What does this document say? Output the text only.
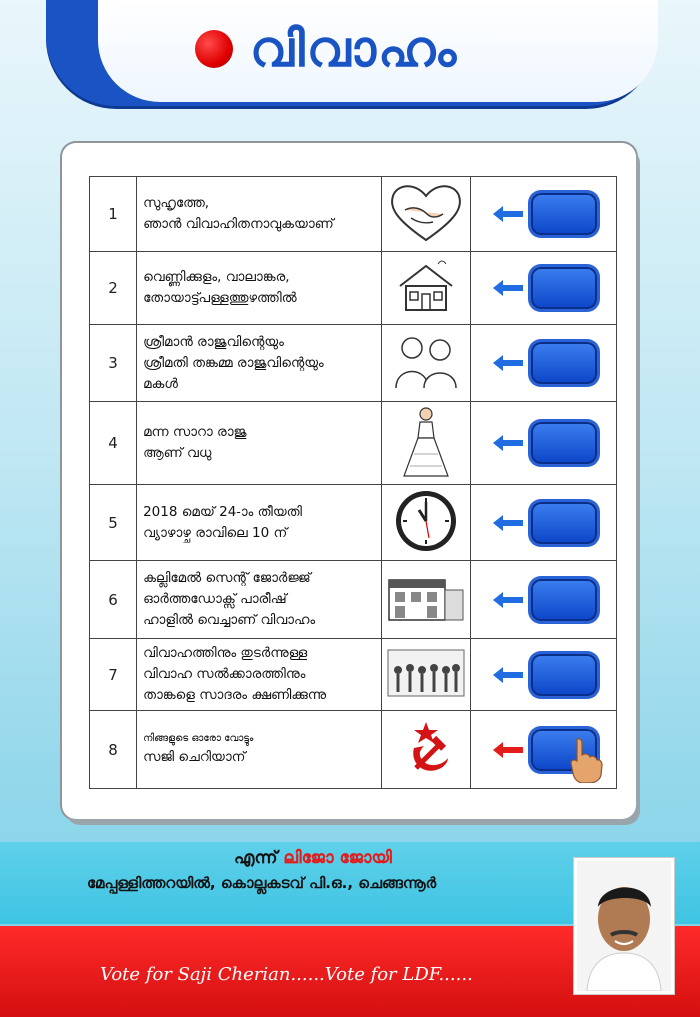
വിവാഹം
1	സുഹൃത്തേ,
ഞാൻ വിവാഹിതനാവുകയാണ്

2	വെണ്ണിക്കുളം, വാലാങ്കര,
തോയാട്ട്പള്ളത്തുഴത്തിൽ

3	ശ്രീമാൻ രാജുവിന്റെയും
ശ്രീമതി തങ്കമ്മ രാജുവിന്റെയും
മകൾ

4	മന്ന സാറാ രാജു
ആണ് വധു

5	2018 മെയ് 24-ാം തീയതി
വ്യാഴാഴ്ച രാവിലെ 10 ന്

6	കല്ലിമേൽ സെന്റ് ജോർജ്ജ്
ഓർത്തഡോക്സ് പാരീഷ്
ഹാളിൽ വെച്ചാണ് വിവാഹം

7	വിവാഹത്തിനും തുടർന്നുള്ള
വിവാഹ സൽക്കാരത്തിനും
താങ്കളെ സാദരം ക്ഷണിക്കുന്നു

8	നിങ്ങളുടെ ഓരോ വോട്ടും
സജി ചെറിയാന്

എന്ന് ലിജോ ജോയി
മേപ്പള്ളിത്തറയിൽ, കൊല്ലകടവ് പി.ഒ., ചെങ്ങന്നൂർ
Vote for Saji Cherian......Vote for LDF......
